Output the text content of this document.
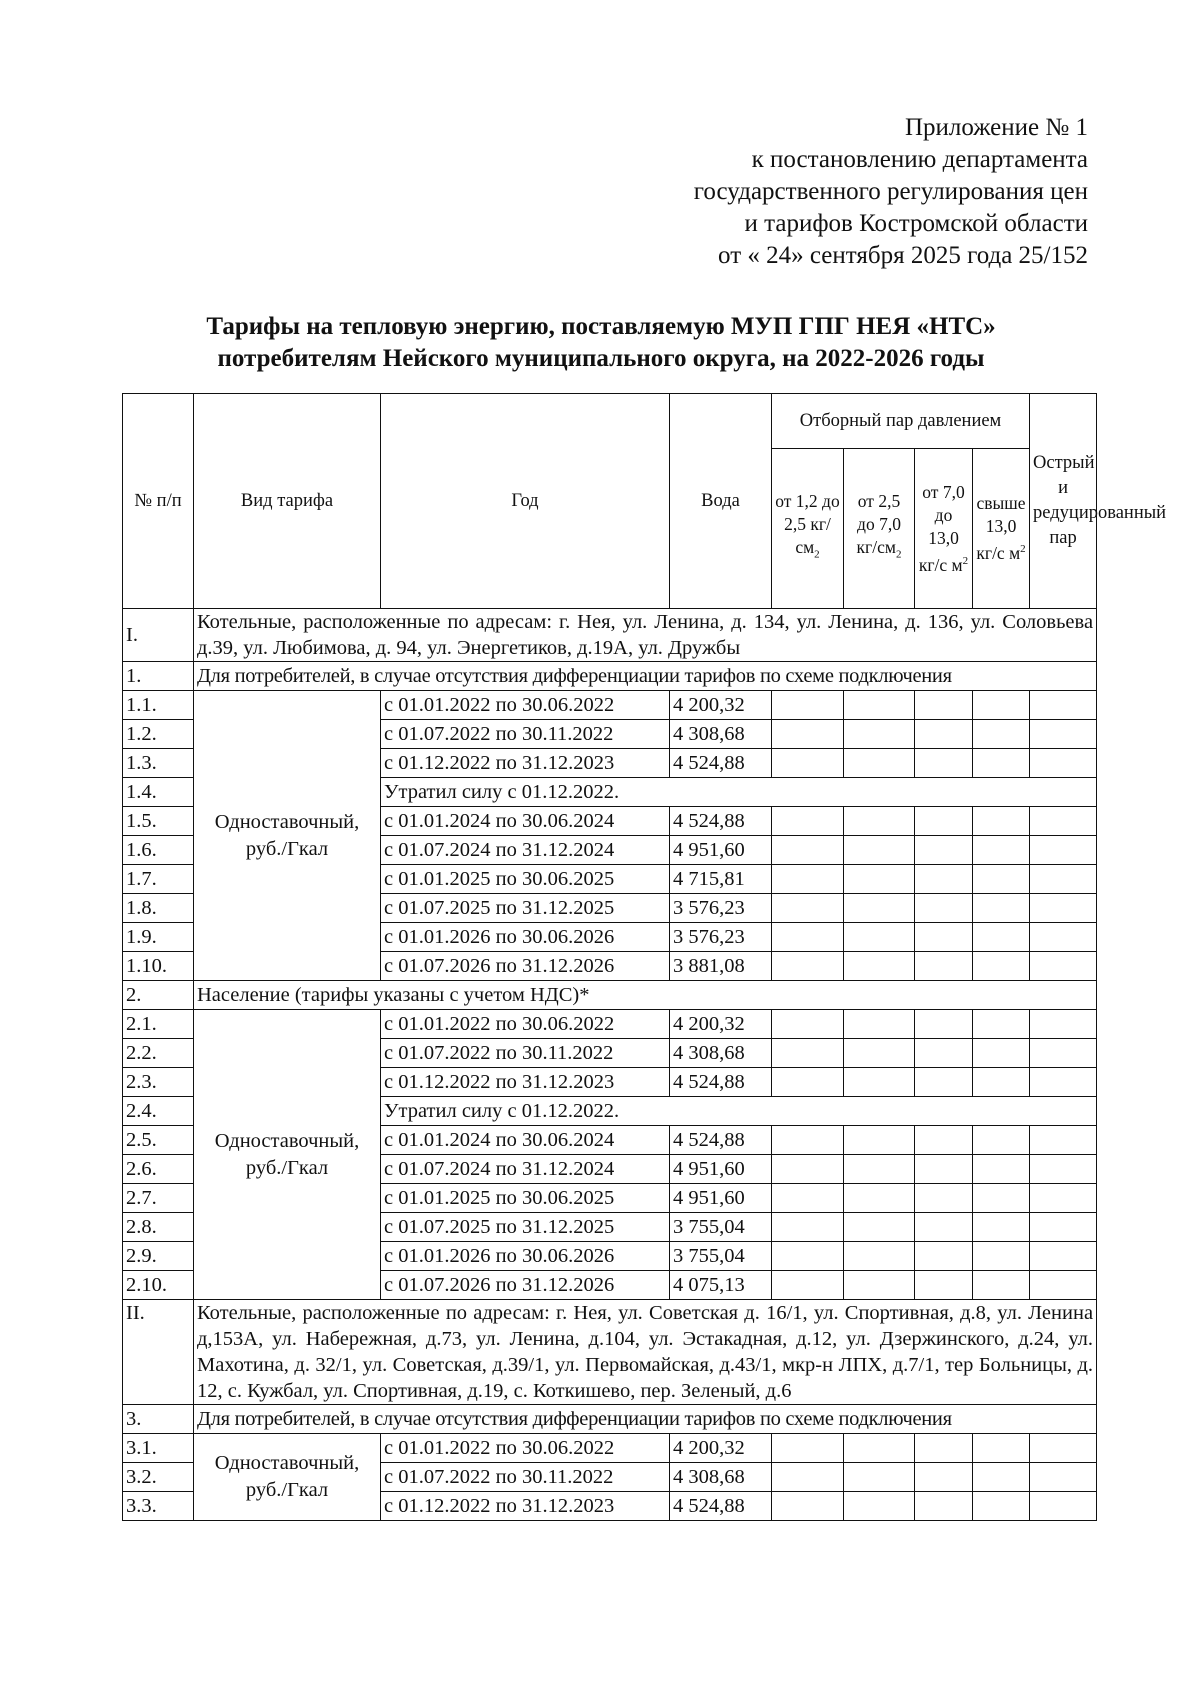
Приложение № 1
к постановлению департамента
государственного регулирования цен
и тарифов Костромской области
от « 24» сентября 2025 года 25/152
Тарифы на тепловую энергию, поставляемую МУП ГПГ НЕЯ «НТС»
потребителям Нейского муниципального округа, на 2022-2026 годы
№ п/п	Вид тарифа	Год	Вода	Отборный пар давлением				Острый и редуцированный пар
				от 1,2 до 2,5 $кг/см_2$	от 2,5 до 7,0 $кг/см_2$	от 7,0 до 13,0 кг/с $м^2$	свыше 13,0 кг/с $м^2$
I.	Котельные, расположенные по адресам: г. Нея, ул. Ленина, д. 134, ул. Ленина, д. 136, ул. Соловьева д.39, ул. Любимова, д. 94, ул. Энергетиков, д.19А, ул. Дружбы							
1.	Для потребителей, в случае отсутствия дифференциации тарифов по схеме подключения							
1.1.	Одноставочный, руб./Гкал	с 01.01.2022 по 30.06.2022	4 200,32					
1.2.		с 01.07.2022 по 30.11.2022	4 308,68					
1.3.		с 01.12.2022 по 31.12.2023	4 524,88					
1.4.		Утратил силу с 01.12.2022.						
1.5.		с 01.01.2024 по 30.06.2024	4 524,88					
1.6.		с 01.07.2024 по 31.12.2024	4 951,60					
1.7.		с 01.01.2025 по 30.06.2025	4 715,81					
1.8.		с 01.07.2025 по 31.12.2025	3 576,23					
1.9.		с 01.01.2026 по 30.06.2026	3 576,23					
1.10.		с 01.07.2026 по 31.12.2026	3 881,08					
2.	Население (тарифы указаны с учетом НДС)*							
2.1.	Одноставочный, руб./Гкал	с 01.01.2022 по 30.06.2022	4 200,32					
2.2.		с 01.07.2022 по 30.11.2022	4 308,68					
2.3.		с 01.12.2022 по 31.12.2023	4 524,88					
2.4.		Утратил силу с 01.12.2022.						
2.5.		с 01.01.2024 по 30.06.2024	4 524,88					
2.6.		с 01.07.2024 по 31.12.2024	4 951,60					
2.7.		с 01.01.2025 по 30.06.2025	4 951,60					
2.8.		с 01.07.2025 по 31.12.2025	3 755,04					
2.9.		с 01.01.2026 по 30.06.2026	3 755,04					
2.10.		с 01.07.2026 по 31.12.2026	4 075,13					
II.	Котельные, расположенные по адресам: г. Нея, ул. Советская д. 16/1, ул. Спортивная, д.8, ул. Ленина д,153А, ул. Набережная, д.73, ул. Ленина, д.104, ул. Эстакадная, д.12, ул. Дзержинского, д.24, ул. Махотина, д. 32/1, ул. Советская, д.39/1, ул. Первомайская, д.43/1, мкр-н ЛПХ, д.7/1, тер Больницы, д. 12, с. Кужбал, ул. Спортивная, д.19, с. Коткишево, пер. Зеленый, д.6							
3.	Для потребителей, в случае отсутствия дифференциации тарифов по схеме подключения							
3.1.	Одноставочный, руб./Гкал	с 01.01.2022 по 30.06.2022	4 200,32					
3.2.		с 01.07.2022 по 30.11.2022	4 308,68					
3.3.		с 01.12.2022 по 31.12.2023	4 524,88					
